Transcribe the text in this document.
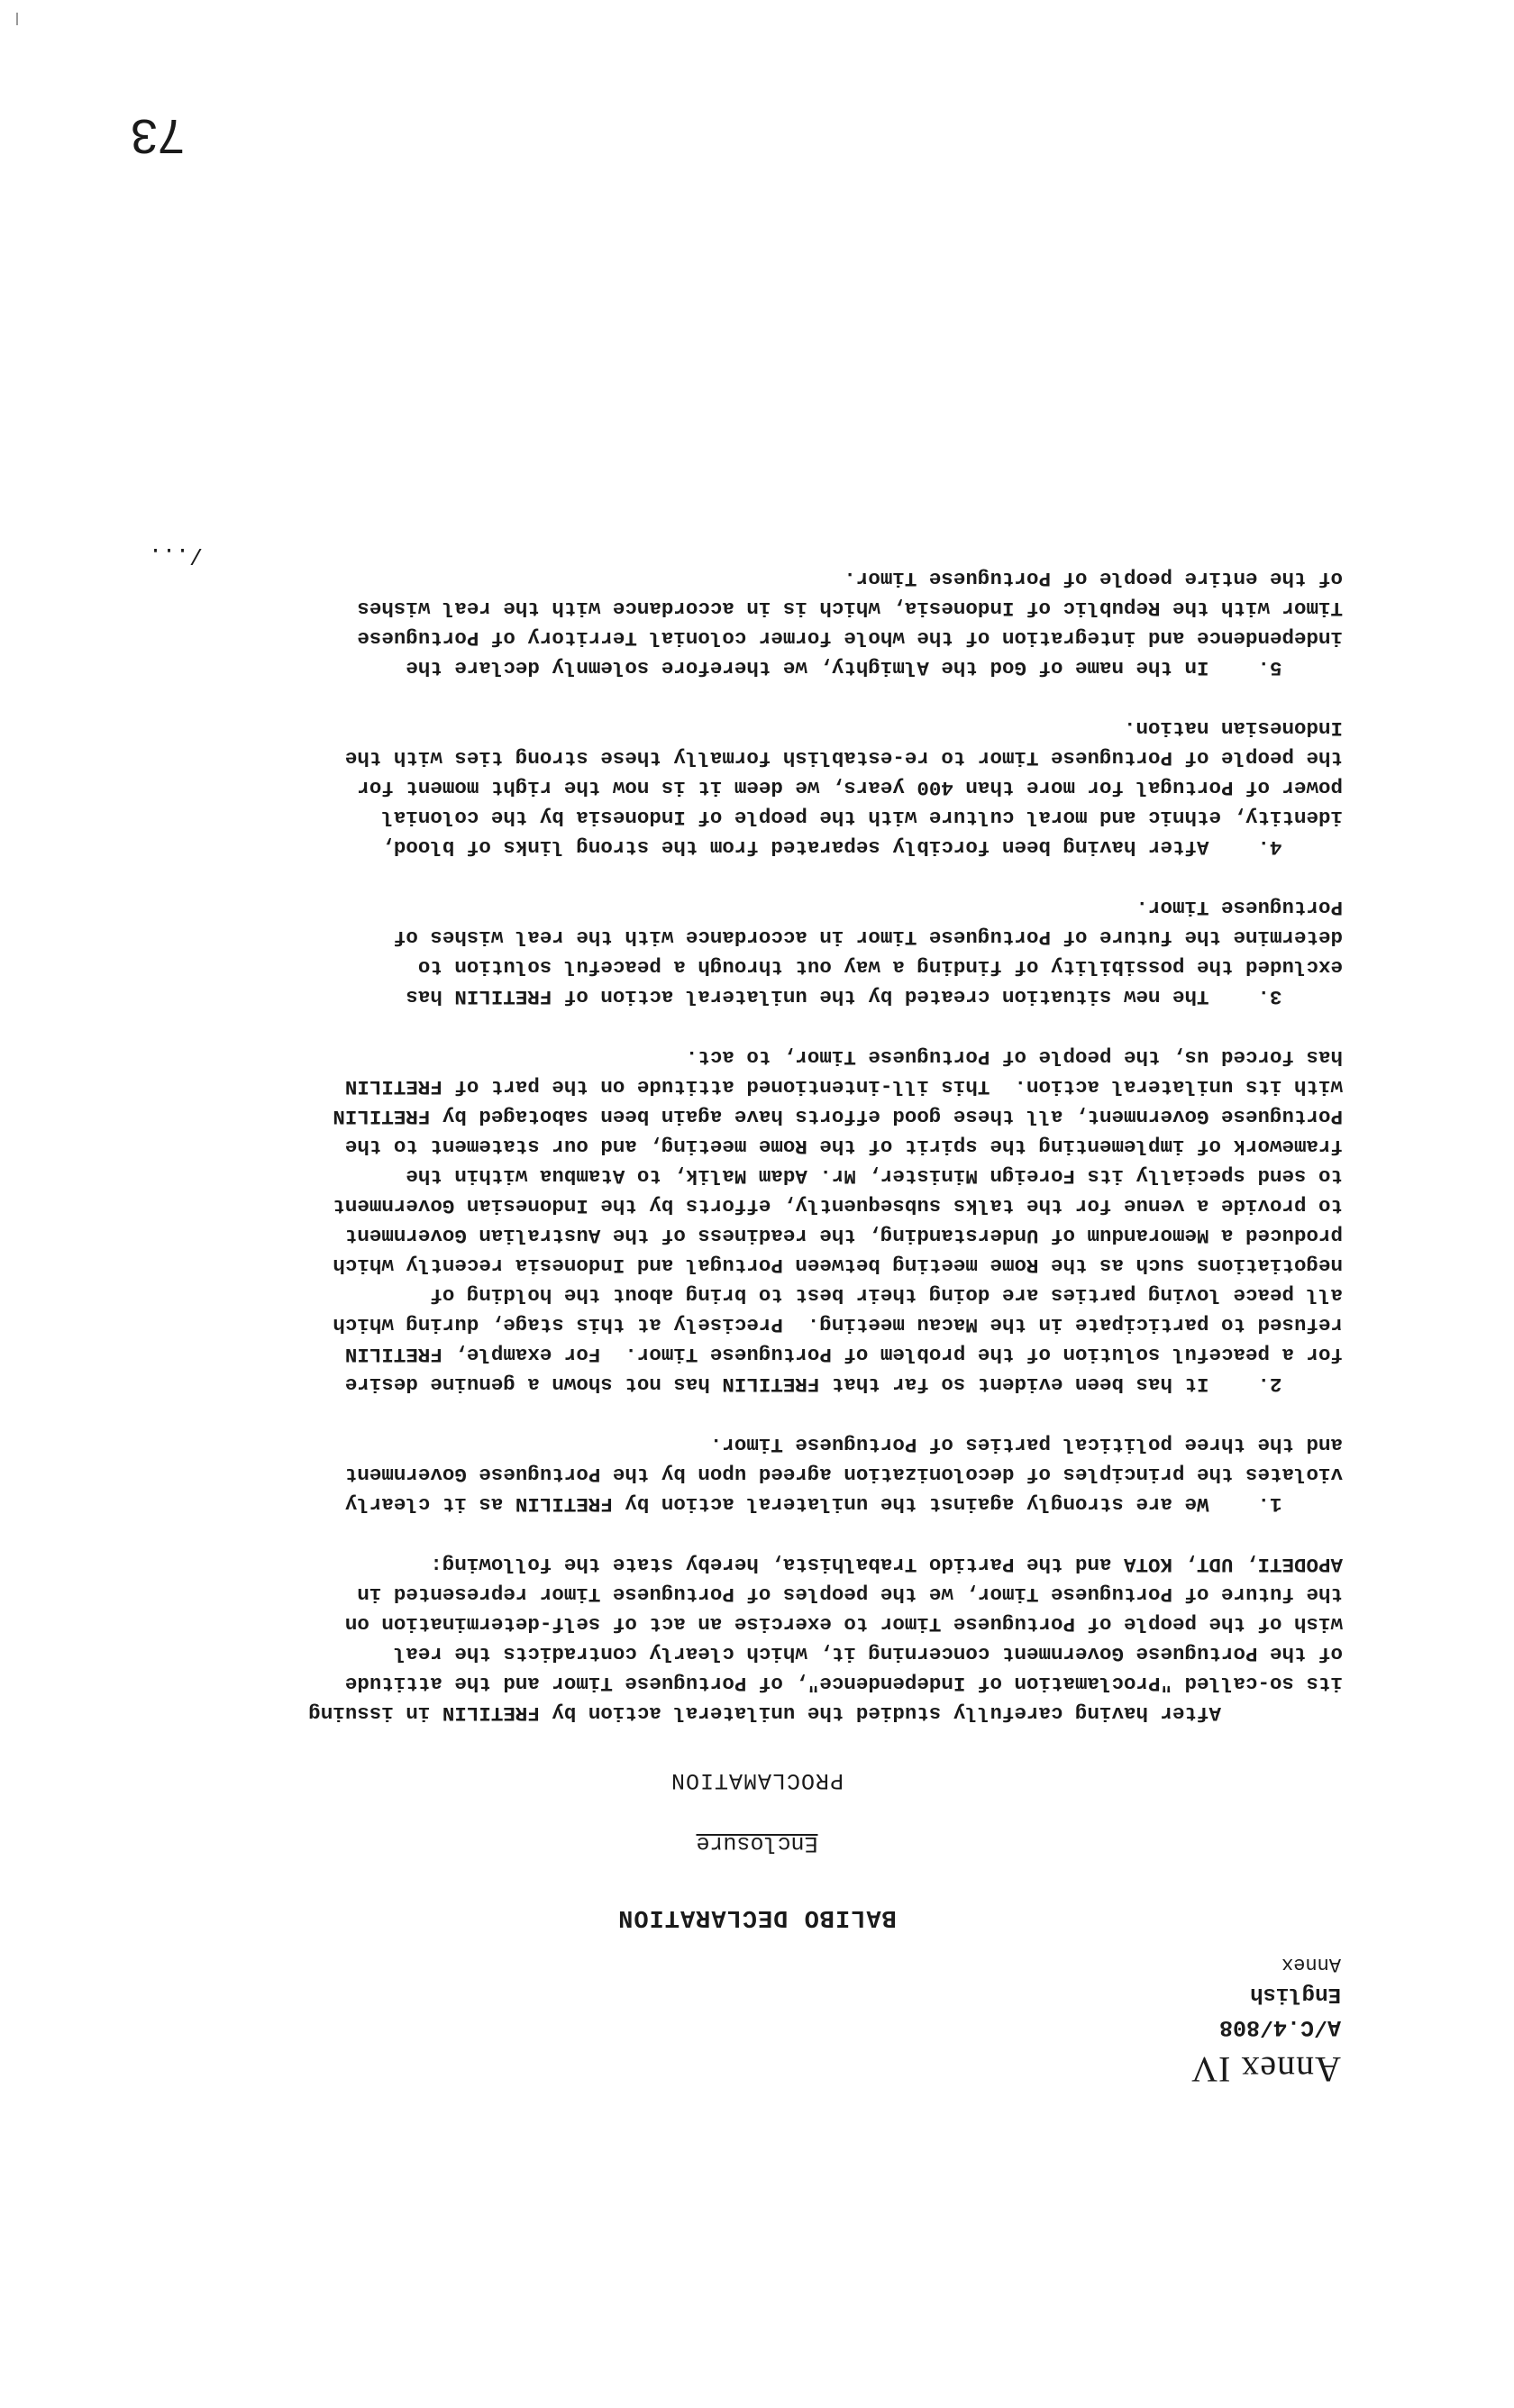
Annex IV
A/C.4/808
English
Annex
BALIBO DECLARATION
Enclosure
PROCLAMATION

After having carefully studied the unilateral action by FRETILIN in issuing
its so-called "Proclamation of Independence", of Portuguese Timor and the attitude
of the Portuguese Government concerning it, which clearly contradicts the real
wish of the people of Portuguese Timor to exercise an act of self-determination on
the future of Portuguese Timor, we the peoples of Portuguese Timor represented in
APODETI, UDT, KOTA and the Partido Trabalhista, hereby state the following:

1.    We are strongly against the unilateral action by FRETILIN as it clearly
violates the principles of decolonization agreed upon by the Portuguese Government
and the three political parties of Portuguese Timor.

2.    It has been evident so far that FRETILIN has not shown a genuine desire
for a peaceful solution of the problem of Portuguese Timor.  For example, FRETILIN
refused to participate in the Macau meeting.  Precisely at this stage, during which
all peace loving parties are doing their best to bring about the holding of
negotiations such as the Rome meeting between Portugal and Indonesia recently which
produced a Memorandum of Understanding, the readiness of the Australian Government
to provide a venue for the talks subsequently, efforts by the Indonesian Government
to send specially its Foreign Minister, Mr. Adam Malik, to Atambua within the
framework of implementing the spirit of the Rome meeting, and our statement to the
Portuguese Government, all these good efforts have again been sabotaged by FRETILIN
with its unilateral action.  This ill-intentioned attitude on the part of FRETILIN
has forced us, the people of Portuguese Timor, to act.

3.    The new situation created by the unilateral action of FRETILIN has
excluded the possibility of finding a way out through a peaceful solution to
determine the future of Portuguese Timor in accordance with the real wishes of
Portuguese Timor.

4.    After having been forcibly separated from the strong links of blood,
identity, ethnic and moral culture with the people of Indonesia by the colonial
power of Portugal for more than 400 years, we deem it is now the right moment for
the people of Portuguese Timor to re-establish formally these strong ties with the
Indonesian nation.

5.    In the name of God the Almighty, we therefore solemnly declare the
independence and integration of the whole former colonial Territory of Portuguese
Timor with the Republic of Indonesia, which is in accordance with the real wishes
of the entire people of Portuguese Timor.

/...
73
